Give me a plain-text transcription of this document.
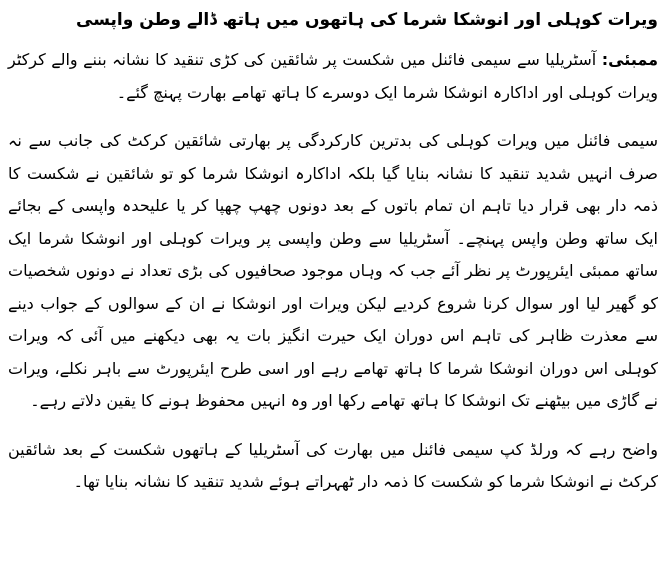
ویرات کوہلی اور انوشکا شرما کی ہاتھوں میں ہاتھ ڈالے وطن واپسی

ممبئی: آسٹریلیا سے سیمی فائنل میں شکست پر شائقین کی کڑی تنقید کا نشانہ بننے والے کرکٹر ویرات کوہلی اور اداکارہ انوشکا شرما ایک دوسرے کا ہاتھ تھامے بھارت پہنچ گئے۔

سیمی فائنل میں ویرات کوہلی کی بدترین کارکردگی پر بھارتی شائقین کرکٹ کی جانب سے نہ صرف انہیں شدید تنقید کا نشانہ بنایا گیا بلکہ اداکارہ انوشکا شرما کو تو شائقین نے شکست کا ذمہ دار بھی قرار دیا تاہم ان تمام باتوں کے بعد دونوں چھپ چھپا کر یا علیحدہ واپسی کے بجائے ایک ساتھ وطن واپس پہنچے۔ آسٹریلیا سے وطن واپسی پر ویرات کوہلی اور انوشکا شرما ایک ساتھ ممبئی ایئرپورٹ پر نظر آئے جب کہ وہاں موجود صحافیوں کی بڑی تعداد نے دونوں شخصیات کو گھیر لیا اور سوال کرنا شروع کردیے لیکن ویرات اور انوشکا نے ان کے سوالوں کے جواب دینے سے معذرت ظاہر کی تاہم اس دوران ایک حیرت انگیز بات یہ بھی دیکھنے میں آئی کہ ویرات کوہلی اس دوران انوشکا شرما کا ہاتھ تھامے رہے اور اسی طرح ایئرپورٹ سے باہر نکلے، ویرات نے گاڑی میں بیٹھنے تک انوشکا کا ہاتھ تھامے رکھا اور وہ انہیں محفوظ ہونے کا یقین دلاتے رہے۔

واضح رہے کہ ورلڈ کپ سیمی فائنل میں بھارت کی آسٹریلیا کے ہاتھوں شکست کے بعد شائقین کرکٹ نے انوشکا شرما کو شکست کا ذمہ دار ٹھہراتے ہوئے شدید تنقید کا نشانہ بنایا تھا۔
